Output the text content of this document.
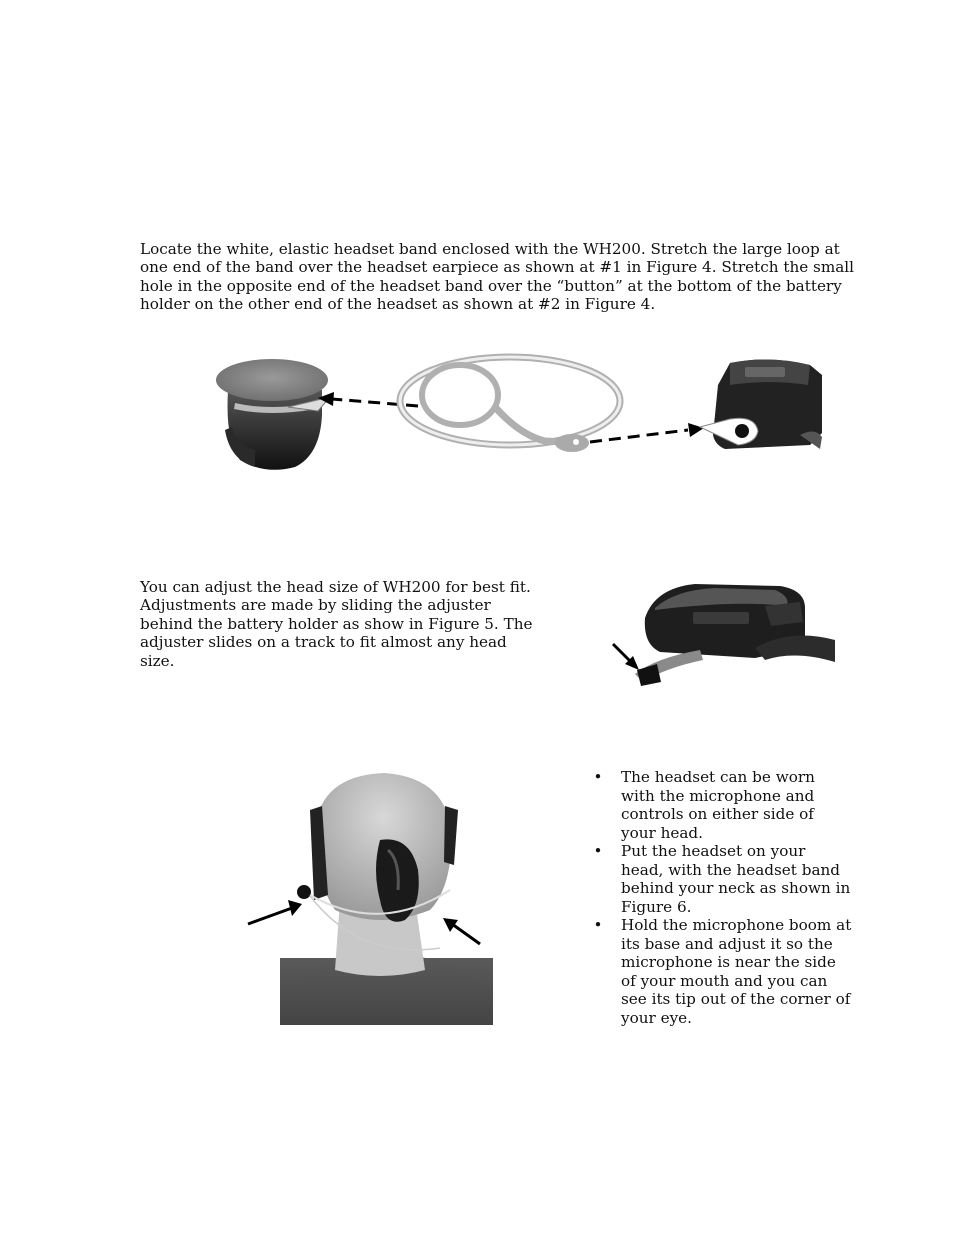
Locate the white, elastic headset band enclosed with the WH200. Stretch the large loop at one end of the band over the headset earpiece as shown at #1 in Figure 4. Stretch the small hole in the opposite end of the headset band over the “button” at the bottom of the battery holder on the other end of the headset as shown at #2 in Figure 4.

You can adjust the head size of WH200 for best fit. Adjustments are made by sliding the adjuster behind the battery holder as show in Figure 5. The adjuster slides on a track to fit almost any head size.

• The headset can be worn with the microphone and controls on either side of your head.
• Put the headset on your head, with the headset band behind your neck as shown in Figure 6.
• Hold the microphone boom at its base and adjust it so the microphone is near the side of your mouth and you can see its tip out of the corner of your eye.
